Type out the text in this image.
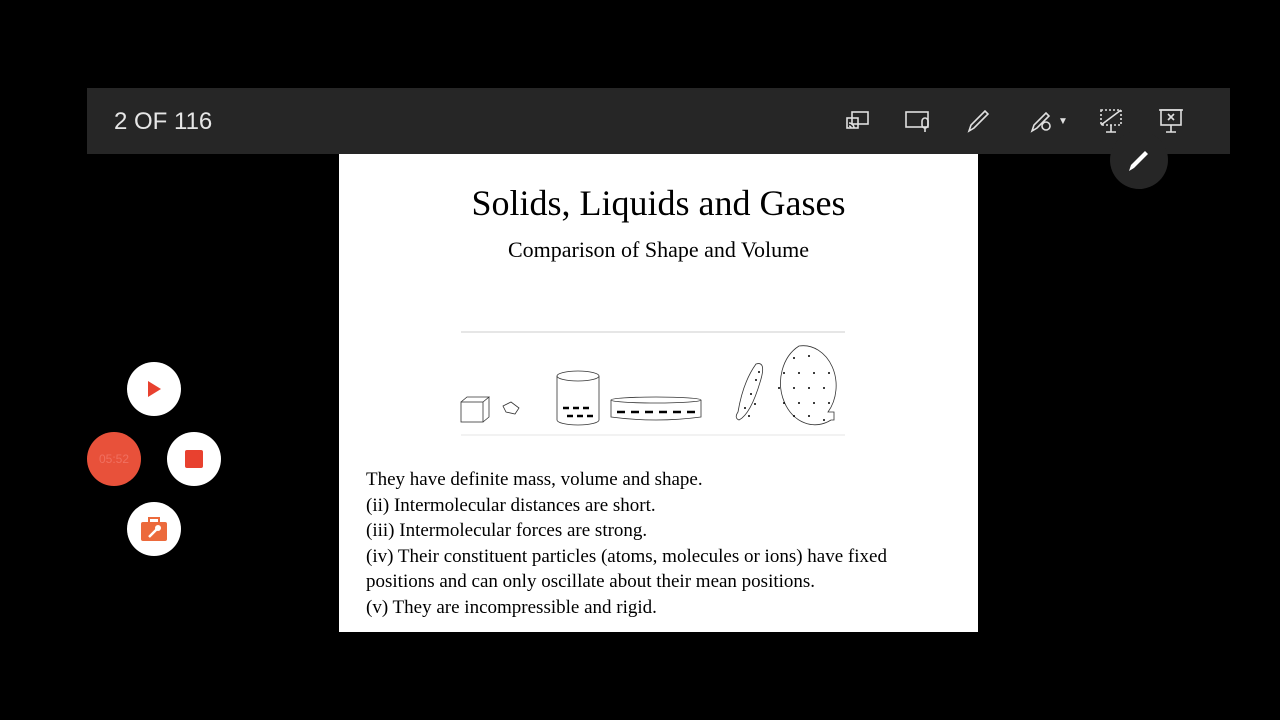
2 OF 116	▼
Solids, Liquids and Gases
Comparison of Shape and Volume
They have definite mass, volume and shape.
(ii) Intermolecular distances are short.
(iii) Intermolecular forces are strong.
(iv) Their constituent particles (atoms, molecules or ions) have fixed
positions and can only oscillate about their mean positions.
(v) They are incompressible and rigid.
05:52
